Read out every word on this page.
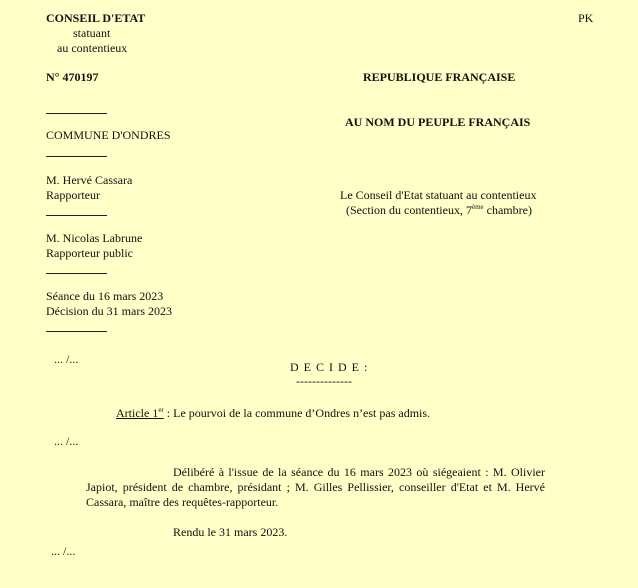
CONSEIL D'ETAT
statuant
au contentieux
PK
N° 470197	REPUBLIQUE FRANÇAISE
COMMUNE D'ONDRES
AU NOM DU PEUPLE FRANÇAIS
M. Hervé Cassara
Rapporteur	Le Conseil d'Etat statuant au contentieux
(Section du contentieux, 7ème chambre)
M. Nicolas Labrune
Rapporteur public
Séance du 16 mars 2023
Décision du 31 mars 2023
... /...
D E C I D E :
--------------
Article 1er : Le pourvoi de la commune d’Ondres n’est pas admis.
... /...
Délibéré à l'issue de la séance du 16 mars 2023 où siégeaient : M. Olivier Japiot, président de chambre, présidant ; M. Gilles Pellissier, conseiller d'Etat et M. Hervé Cassara, maître des requêtes-rapporteur.
Rendu le 31 mars 2023.
... /...
